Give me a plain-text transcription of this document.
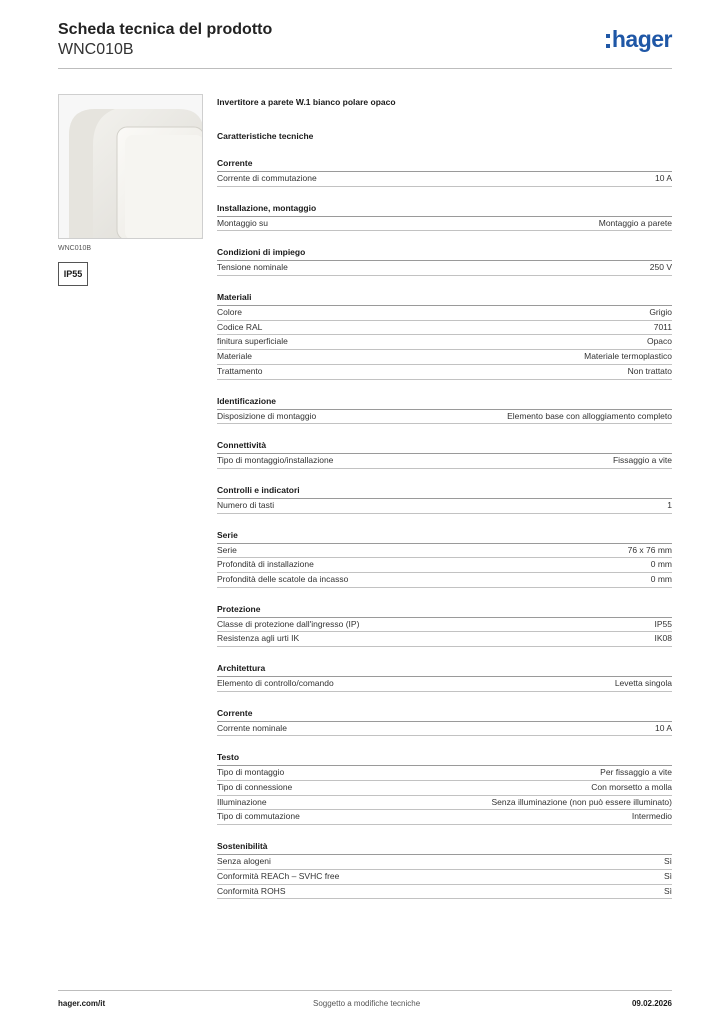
Scheda tecnica del prodotto
WNC010B	hager
WNC010B
IP55
Invertitore a parete W.1 bianco polare opaco
Caratteristiche tecniche
Corrente
Corrente di commutazione	10 A
Installazione, montaggio
Montaggio su	Montaggio a parete
Condizioni di impiego
Tensione nominale	250 V
Materiali
Colore	Grigio
Codice RAL	7011
finitura superficiale	Opaco
Materiale	Materiale termoplastico
Trattamento	Non trattato
Identificazione
Disposizione di montaggio	Elemento base con alloggiamento completo
Connettività
Tipo di montaggio/installazione	Fissaggio a vite
Controlli e indicatori
Numero di tasti	1
Serie
Serie	76 x 76 mm
Profondità di installazione	0 mm
Profondità delle scatole da incasso	0 mm
Protezione
Classe di protezione dall'ingresso (IP)	IP55
Resistenza agli urti IK	IK08
Architettura
Elemento di controllo/comando	Levetta singola
Corrente
Corrente nominale	10 A
Testo
Tipo di montaggio	Per fissaggio a vite
Tipo di connessione	Con morsetto a molla
Illuminazione	Senza illuminazione (non può essere illuminato)
Tipo di commutazione	Intermedio
Sostenibilità
Senza alogeni	Sì
Conformità REACh – SVHC free	Sì
Conformità ROHS	Sì
hager.com/it	Soggetto a modifiche tecniche	09.02.2026
